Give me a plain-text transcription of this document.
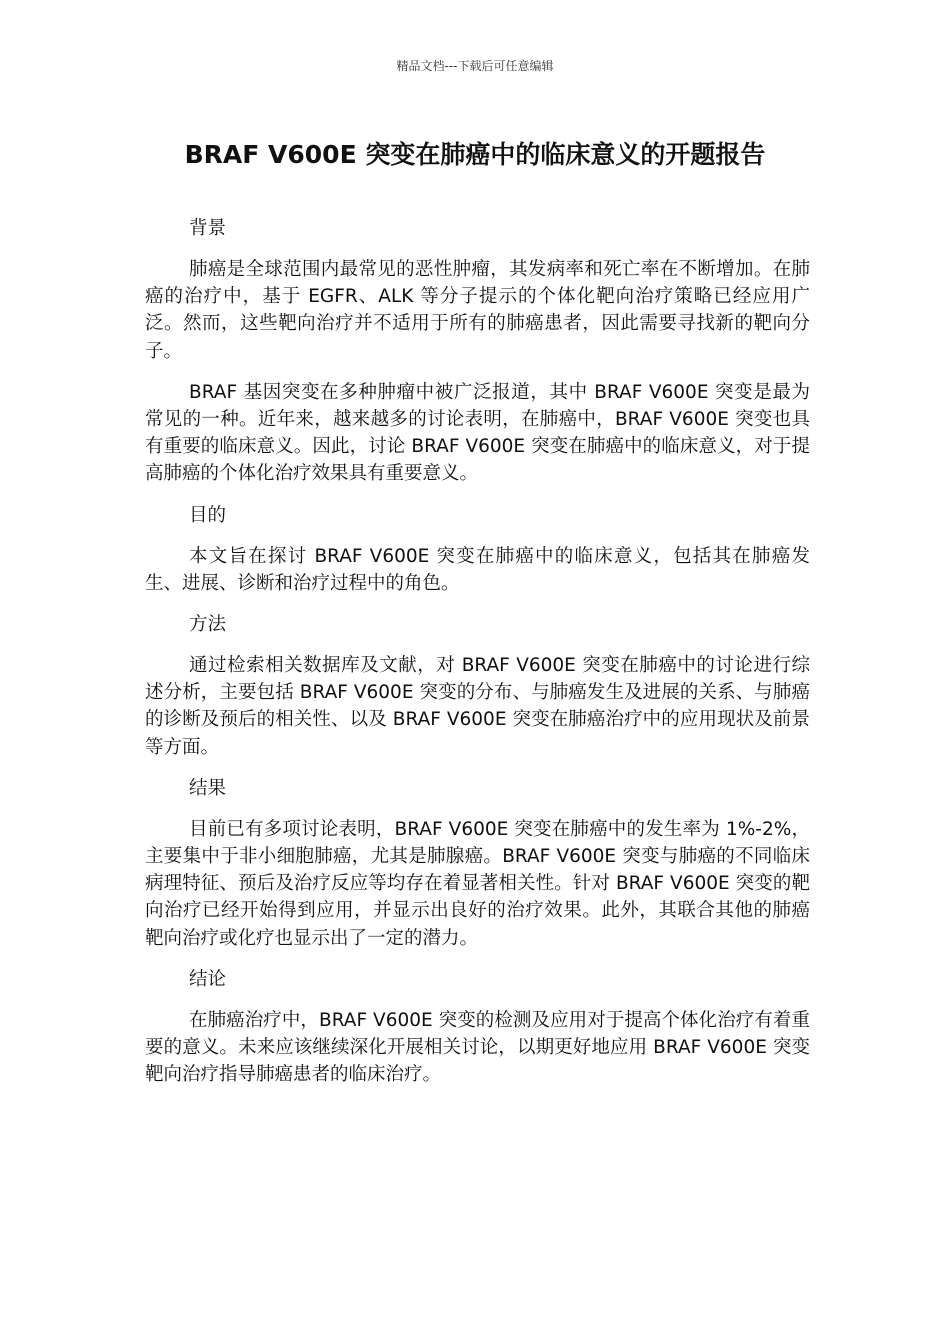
精品文档---下载后可任意编辑
BRAF V600E 突变在肺癌中的临床意义的开题报告

背景

肺癌是全球范围内最常见的恶性肿瘤，其发病率和死亡率在不断增加。在肺癌的治疗中，基于 EGFR、ALK 等分子提示的个体化靶向治疗策略已经应用广泛。然而，这些靶向治疗并不适用于所有的肺癌患者，因此需要寻找新的靶向分子。

BRAF 基因突变在多种肿瘤中被广泛报道，其中 BRAF V600E 突变是最为常见的一种。近年来，越来越多的讨论表明，在肺癌中，BRAF V600E 突变也具有重要的临床意义。因此，讨论 BRAF V600E 突变在肺癌中的临床意义，对于提高肺癌的个体化治疗效果具有重要意义。

目的

本文旨在探讨 BRAF V600E 突变在肺癌中的临床意义，包括其在肺癌发生、进展、诊断和治疗过程中的角色。

方法

通过检索相关数据库及文献，对 BRAF V600E 突变在肺癌中的讨论进行综述分析，主要包括 BRAF V600E 突变的分布、与肺癌发生及进展的关系、与肺癌的诊断及预后的相关性、以及 BRAF V600E 突变在肺癌治疗中的应用现状及前景等方面。

结果

目前已有多项讨论表明，BRAF V600E 突变在肺癌中的发生率为 1%-2%，主要集中于非小细胞肺癌，尤其是肺腺癌。BRAF V600E 突变与肺癌的不同临床病理特征、预后及治疗反应等均存在着显著相关性。针对 BRAF V600E 突变的靶向治疗已经开始得到应用，并显示出良好的治疗效果。此外，其联合其他的肺癌靶向治疗或化疗也显示出了一定的潜力。

结论

在肺癌治疗中，BRAF V600E 突变的检测及应用对于提高个体化治疗有着重要的意义。未来应该继续深化开展相关讨论，以期更好地应用 BRAF V600E 突变靶向治疗指导肺癌患者的临床治疗。
